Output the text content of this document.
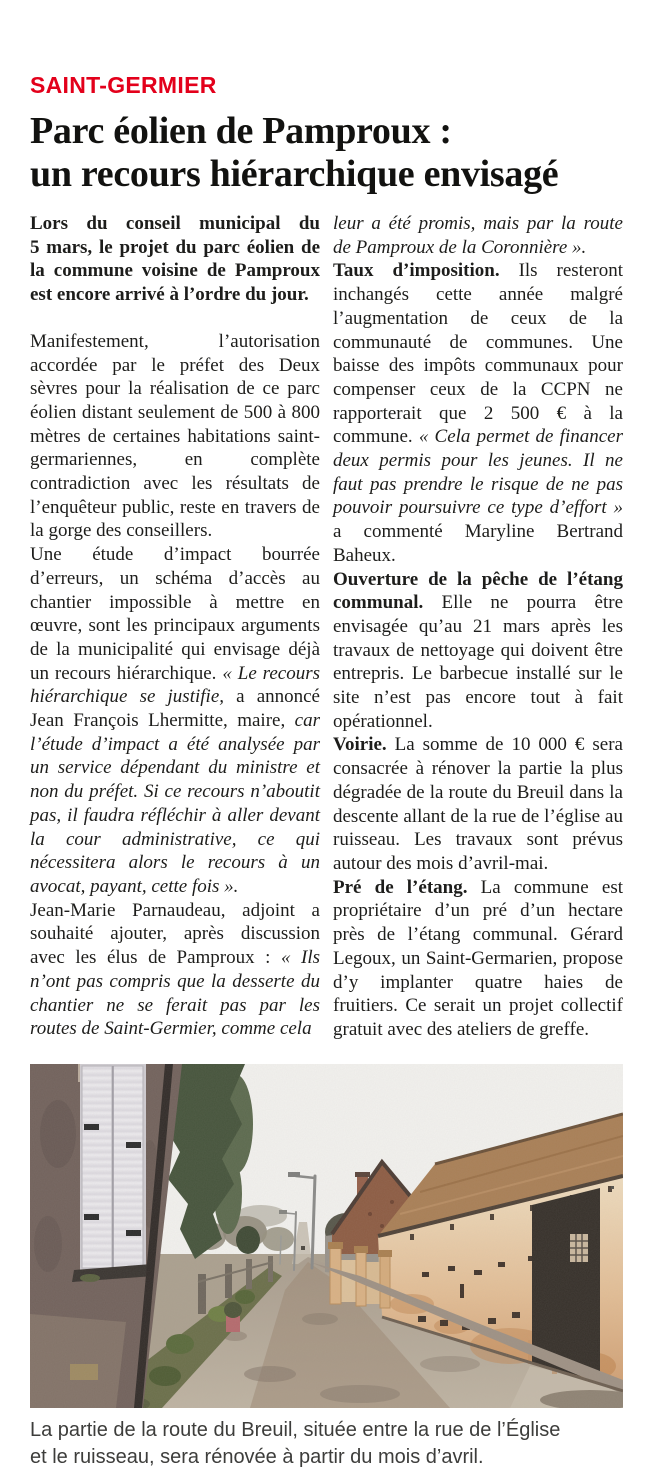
SAINT-GERMIER
Parc éolien de Pamproux :
un recours hiérarchique envisagé

Lors du conseil municipal du 5 mars, le projet du parc éolien de la commune voisine de Pamproux est encore arrivé à l’ordre du jour.

Manifestement, l’autorisation accordée par le préfet des Deux sèvres pour la réalisation de ce parc éolien distant seulement de 500 à 800 mètres de certaines habitations saint-germariennes, en complète contradiction avec les résultats de l’enquêteur public, reste en travers de la gorge des conseillers.

Une étude d’impact bourrée d’erreurs, un schéma d’accès au chantier impossible à mettre en œuvre, sont les principaux arguments de la municipalité qui envisage déjà un recours hiérarchique. « Le recours hiérarchique se justifie, a annoncé Jean François Lhermitte, maire, car l’étude d’impact a été analysée par un service dépendant du ministre et non du préfet. Si ce recours n’aboutit pas, il faudra réfléchir à aller devant la cour administrative, ce qui nécessitera alors le recours à un avocat, payant, cette fois ».

Jean-Marie Parnaudeau, adjoint a souhaité ajouter, après discussion avec les élus de Pamproux : « Ils n’ont pas compris que la desserte du chantier ne se ferait pas par les routes de Saint-Germier, comme cela

leur a été promis, mais par la route de Pamproux de la Coronnière ».

Taux d’imposition. Ils resteront inchangés cette année malgré l’augmentation de ceux de la communauté de communes. Une baisse des impôts communaux pour compenser ceux de la CCPN ne rapporterait que 2 500 € à la commune. « Cela permet de financer deux permis pour les jeunes. Il ne faut pas prendre le risque de ne pas pouvoir poursuivre ce type d’effort » a commenté Maryline Bertrand Baheux.

Ouverture de la pêche de l’étang communal. Elle ne pourra être envisagée qu’au 21 mars après les travaux de nettoyage qui doivent être entrepris. Le barbecue installé sur le site n’est pas encore tout à fait opérationnel.

Voirie. La somme de 10 000 € sera consacrée à rénover la partie la plus dégradée de la route du Breuil dans la descente allant de la rue de l’église au ruisseau. Les travaux sont prévus autour des mois d’avril-mai.

Pré de l’étang. La commune est propriétaire d’un pré d’un hectare près de l’étang communal. Gérard Legoux, un Saint-Germarien, propose d’y implanter quatre haies de fruitiers. Ce serait un projet collectif gratuit avec des ateliers de greffe.

La partie de la route du Breuil, située entre la rue de l’Église
et le ruisseau, sera rénovée à partir du mois d’avril.
